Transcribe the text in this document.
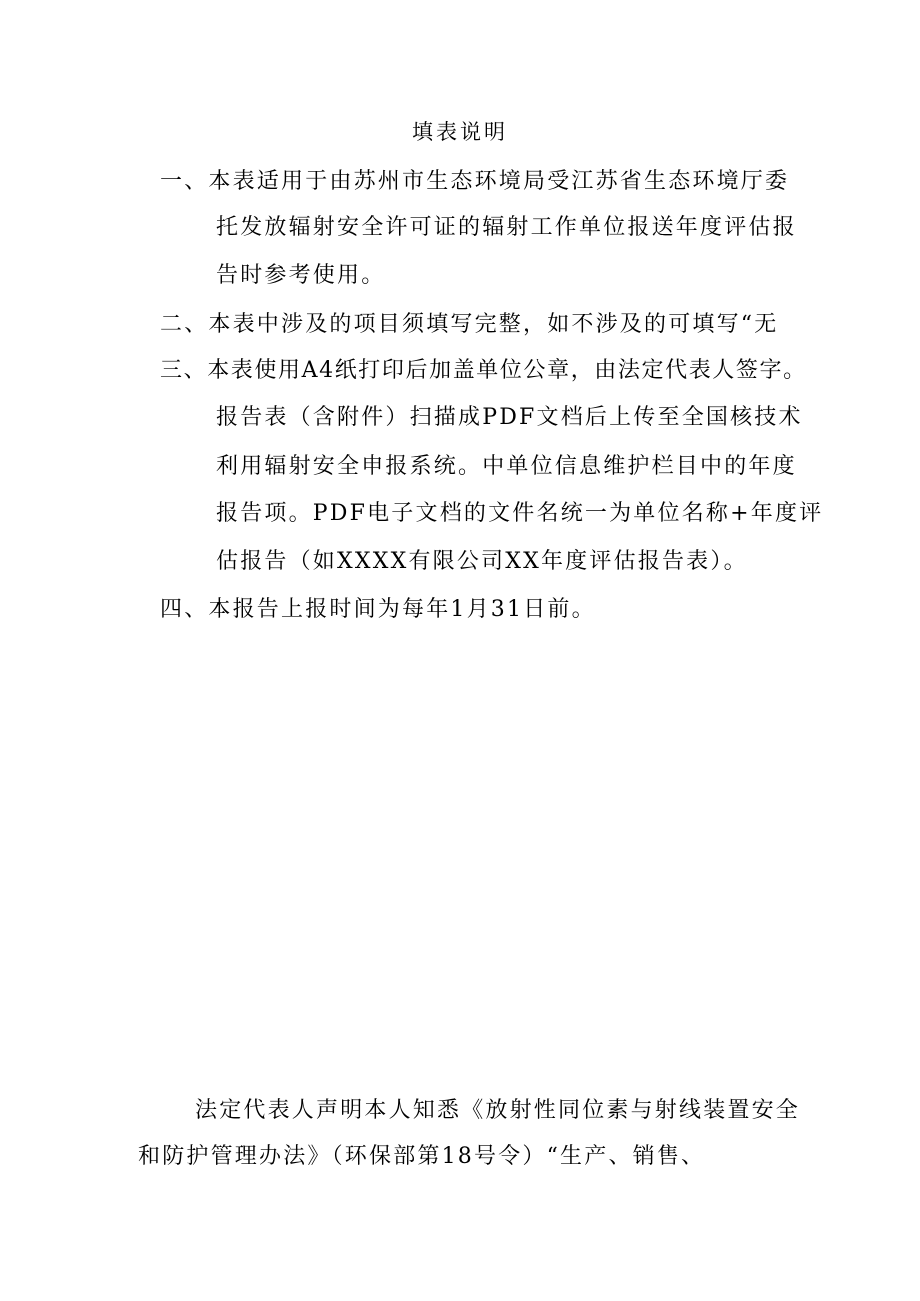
填表说明
一、本表适用于由苏州市生态环境局受江苏省生态环境厅委
托发放辐射安全许可证的辐射工作单位报送年度评估报
告时参考使用。
二、本表中涉及的项目须填写完整，如不涉及的可填写“无
三、本表使用A4纸打印后加盖单位公章，由法定代表人签字。
报告表（含附件）扫描成PDF文档后上传至全国核技术
利用辐射安全申报系统。中单位信息维护栏目中的年度
报告项。PDF电子文档的文件名统一为单位名称+年度评
估报告（如XXXX有限公司XX年度评估报告表）。
四、本报告上报时间为每年1月31日前。
法定代表人声明本人知悉《放射性同位素与射线装置安全
和防护管理办法》（环保部第18号令）“生产、销售、
